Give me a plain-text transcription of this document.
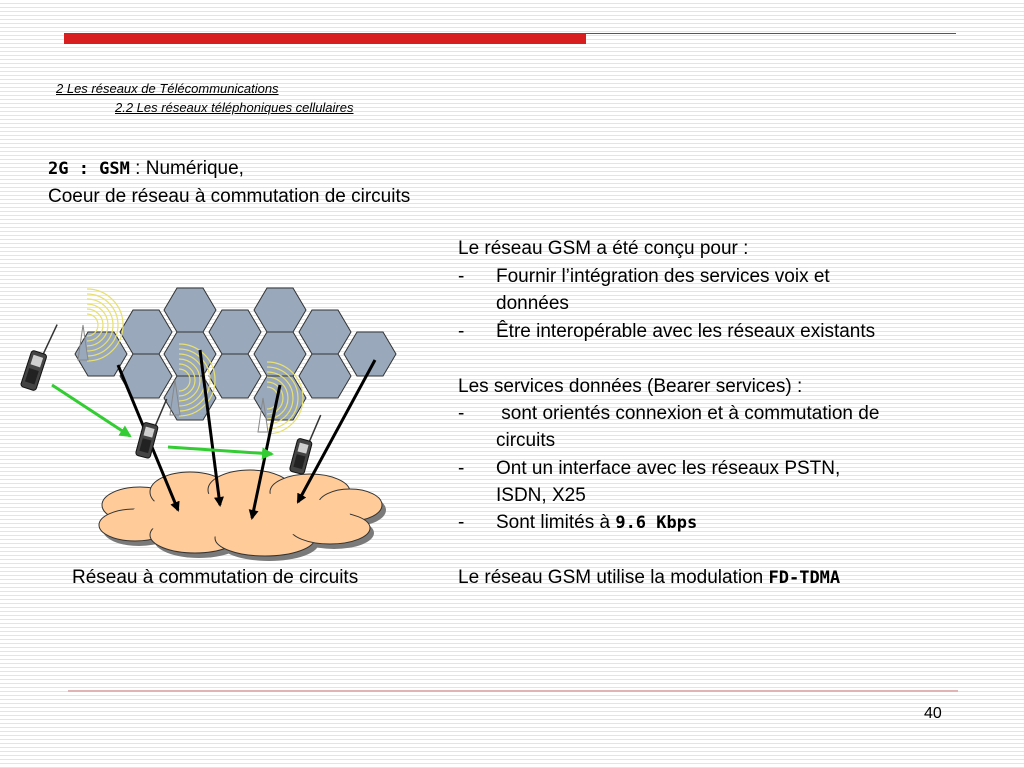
2 Les réseaux de Télécommunications
2.2 Les réseaux téléphoniques cellulaires
2G : GSM : Numérique,
Coeur de réseau à commutation de circuits
Le réseau GSM a été conçu pour :
- Fournir l’intégration des services voix et
données
- Être interopérable avec les réseaux existants
Les services données (Bearer services) :
- sont orientés connexion et à commutation de
circuits
- Ont un interface avec les réseaux PSTN,
ISDN, X25
- Sont limités à 9.6 Kbps
Le réseau GSM utilise la modulation FD-TDMA
Réseau à commutation de circuits
40
